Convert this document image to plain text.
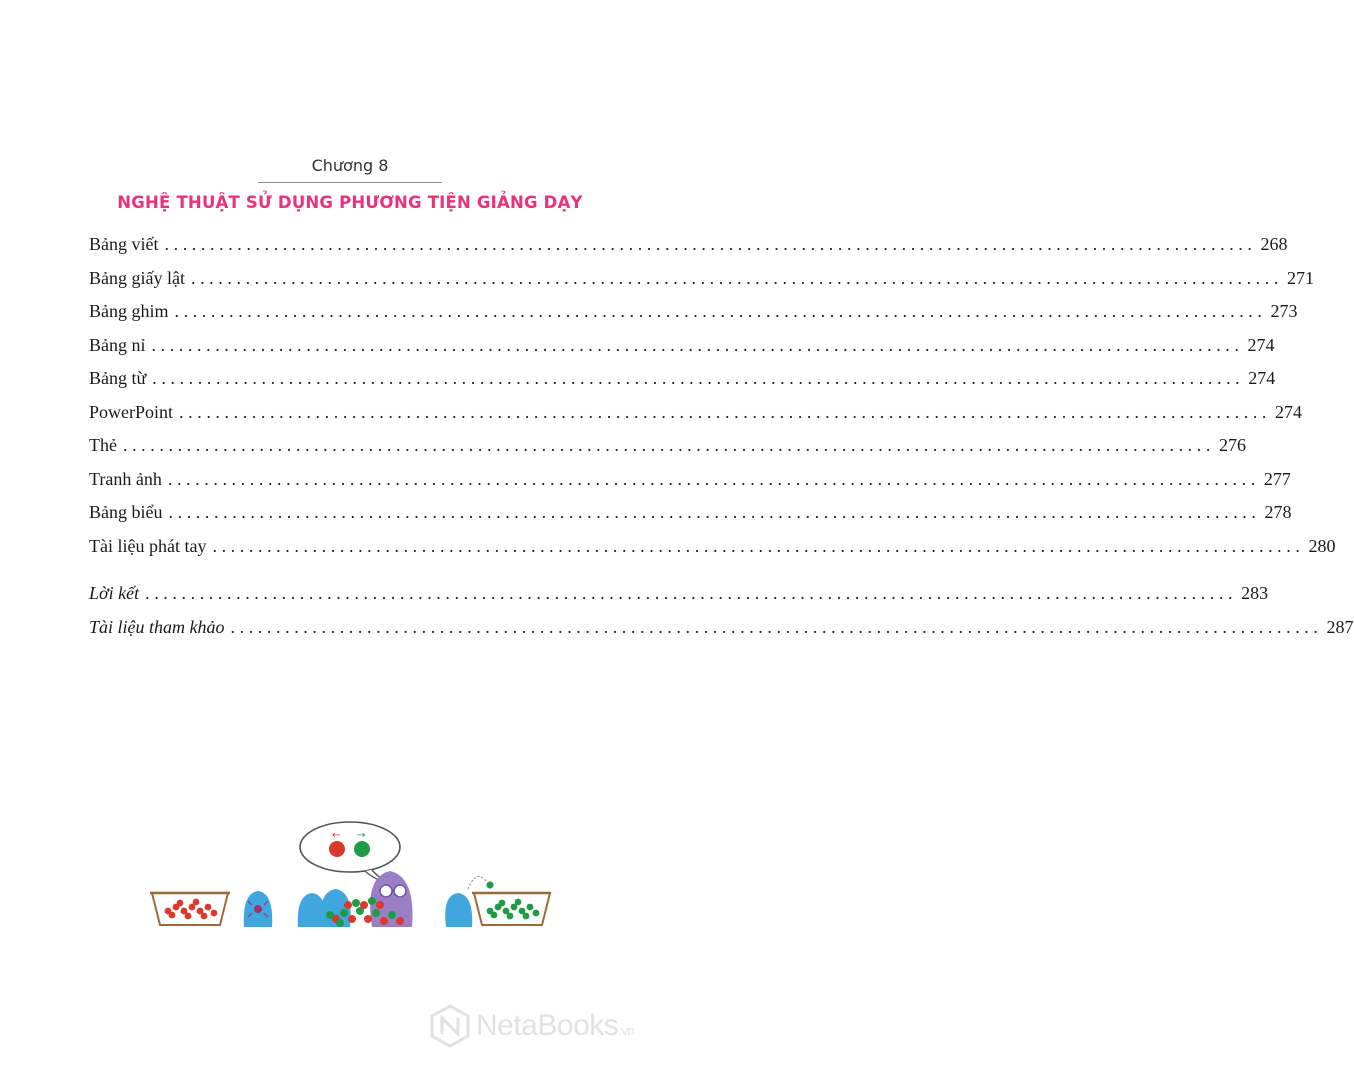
Chương 8
NGHỆ THUẬT SỬ DỤNG PHƯƠNG TIỆN GIẢNG DẠY
Bảng viết ........................................................................................................................ 268
Bảng giấy lật ........................................................................................................................ 271
Bảng ghim ........................................................................................................................ 273
Bảng nỉ ........................................................................................................................ 274
Bảng từ ........................................................................................................................ 274
PowerPoint ........................................................................................................................ 274
Thẻ ........................................................................................................................ 276
Tranh ảnh ........................................................................................................................ 277
Bảng biểu ........................................................................................................................ 278
Tài liệu phát tay ........................................................................................................................ 280
Lời kết ........................................................................................................................ 283
Tài liệu tham khảo ........................................................................................................................ 287
← →
NetaBooks.vn
